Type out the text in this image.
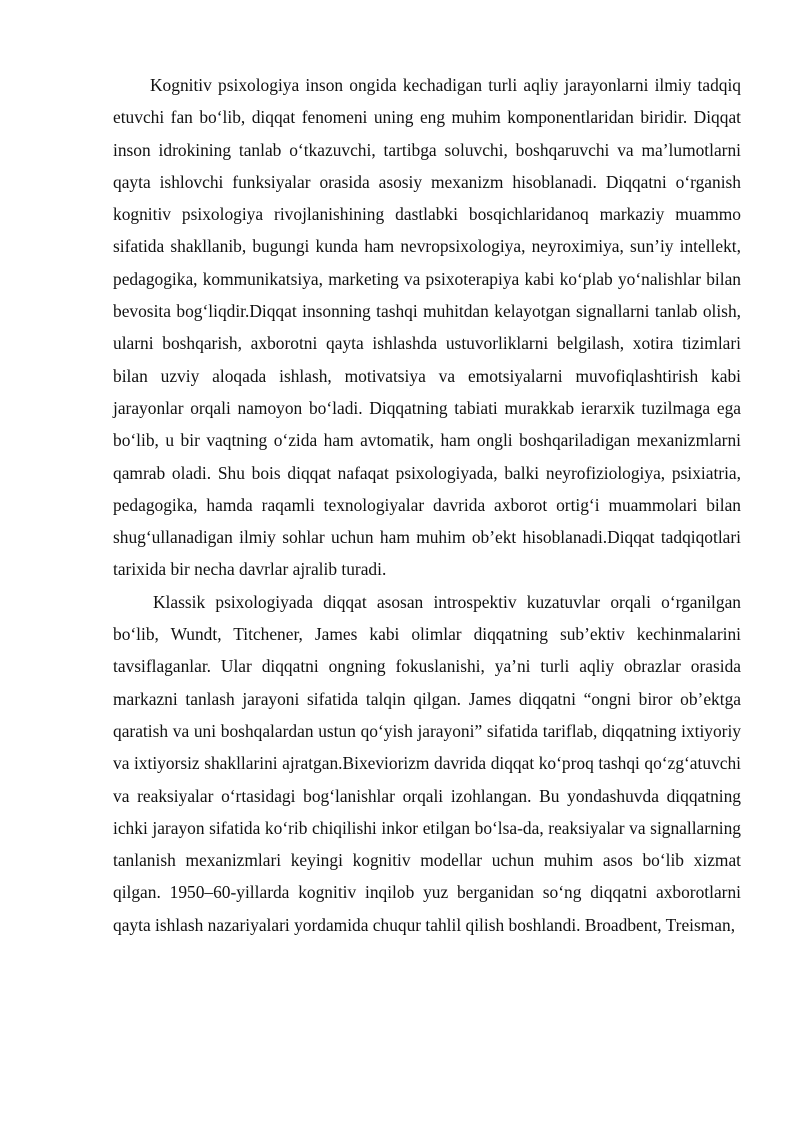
Kognitiv psixologiya inson ongida kechadigan turli aqliy jarayonlarni ilmiy tadqiq etuvchi fan bo‘lib, diqqat fenomeni uning eng muhim komponentlaridan biridir. Diqqat inson idrokining tanlab o‘tkazuvchi, tartibga soluvchi, boshqaruvchi va ma’lumotlarni qayta ishlovchi funksiyalar orasida asosiy mexanizm hisoblanadi. Diqqatni o‘rganish kognitiv psixologiya rivojlanishining dastlabki bosqichlaridanoq markaziy muammo sifatida shakllanib, bugungi kunda ham nevropsixologiya, neyroximiya, sun’iy intellekt, pedagogika, kommunikatsiya, marketing va psixoterapiya kabi ko‘plab yo‘nalishlar bilan bevosita bog‘liqdir.Diqqat insonning tashqi muhitdan kelayotgan signallarni tanlab olish, ularni boshqarish, axborotni qayta ishlashda ustuvorliklarni belgilash, xotira tizimlari bilan uzviy aloqada ishlash, motivatsiya va emotsiyalarni muvofiqlashtirish kabi jarayonlar orqali namoyon bo‘ladi. Diqqatning tabiati murakkab ierarxik tuzilmaga ega bo‘lib, u bir vaqtning o‘zida ham avtomatik, ham ongli boshqariladigan mexanizmlarni qamrab oladi. Shu bois diqqat nafaqat psixologiyada, balki neyrofiziologiya, psixiatria, pedagogika, hamda raqamli texnologiyalar davrida axborot ortig‘i muammolari bilan shug‘ullanadigan ilmiy sohlar uchun ham muhim ob’ekt hisoblanadi.Diqqat tadqiqotlari tarixida bir necha davrlar ajralib turadi.

Klassik psixologiyada diqqat asosan introspektiv kuzatuvlar orqali o‘rganilgan bo‘lib, Wundt, Titchener, James kabi olimlar diqqatning sub’ektiv kechinmalarini tavsiflaganlar. Ular diqqatni ongning fokuslanishi, ya’ni turli aqliy obrazlar orasida markazni tanlash jarayoni sifatida talqin qilgan. James diqqatni “ongni biror ob’ektga qaratish va uni boshqalardan ustun qo‘yish jarayoni” sifatida tariflab, diqqatning ixtiyoriy va ixtiyorsiz shakllarini ajratgan.Bixeviorizm davrida diqqat ko‘proq tashqi qo‘zg‘atuvchi va reaksiyalar o‘rtasidagi bog‘lanishlar orqali izohlangan. Bu yondashuvda diqqatning ichki jarayon sifatida ko‘rib chiqilishi inkor etilgan bo‘lsa-da, reaksiyalar va signallarning tanlanish mexanizmlari keyingi kognitiv modellar uchun muhim asos bo‘lib xizmat qilgan. 1950–60-yillarda kognitiv inqilob yuz berganidan so‘ng diqqatni axborotlarni qayta ishlash nazariyalari yordamida chuqur tahlil qilish boshlandi. Broadbent, Treisman,
